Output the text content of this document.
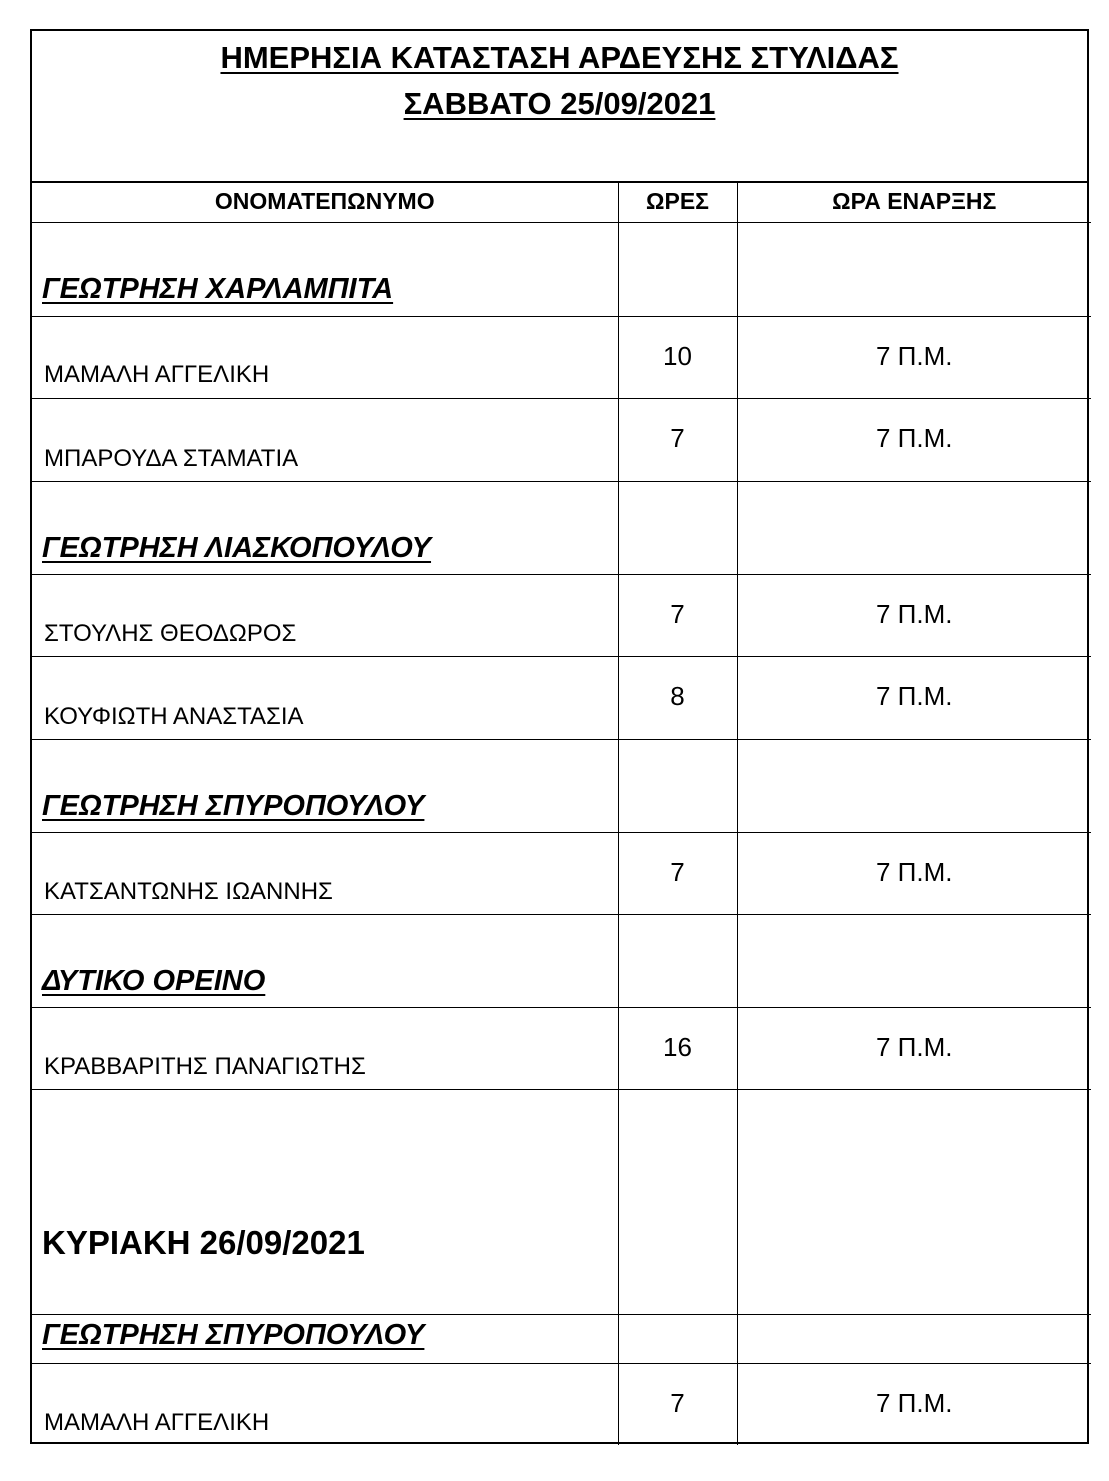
ΗΜΕΡΗΣΙΑ ΚΑΤΑΣΤΑΣΗ ΑΡΔΕΥΣΗΣ ΣΤΥΛΙΔΑΣ
ΣΑΒΒΑΤΟ 25/09/2021
ΟΝΟΜΑΤΕΠΩΝΥΜΟ	ΩΡΕΣ	ΩΡΑ ΕΝΑΡΞΗΣ
ΓΕΩΤΡΗΣΗ ΧΑΡΛΑΜΠΙΤΑ		

ΜΑΜΑΛΗ ΑΓΓΕΛΙΚΗ	10	7 Π.Μ.

ΜΠΑΡΟΥΔΑ ΣΤΑΜΑΤΙΑ	7	7 Π.Μ.

ΓΕΩΤΡΗΣΗ ΛΙΑΣΚΟΠΟΥΛΟΥ		

ΣΤΟΥΛΗΣ ΘΕΟΔΩΡΟΣ	7	7 Π.Μ.

ΚΟΥΦΙΩΤΗ ΑΝΑΣΤΑΣΙΑ	8	7 Π.Μ.

ΓΕΩΤΡΗΣΗ ΣΠΥΡΟΠΟΥΛΟΥ		

ΚΑΤΣΑΝΤΩΝΗΣ ΙΩΑΝΝΗΣ	7	7 Π.Μ.

ΔΥΤΙΚΟ ΟΡΕΙΝΟ		

ΚΡΑΒΒΑΡΙΤΗΣ ΠΑΝΑΓΙΩΤΗΣ	16	7 Π.Μ.

ΚΥΡΙΑΚΗ 26/09/2021		

ΓΕΩΤΡΗΣΗ ΣΠΥΡΟΠΟΥΛΟΥ		

ΜΑΜΑΛΗ ΑΓΓΕΛΙΚΗ	7	7 Π.Μ.
